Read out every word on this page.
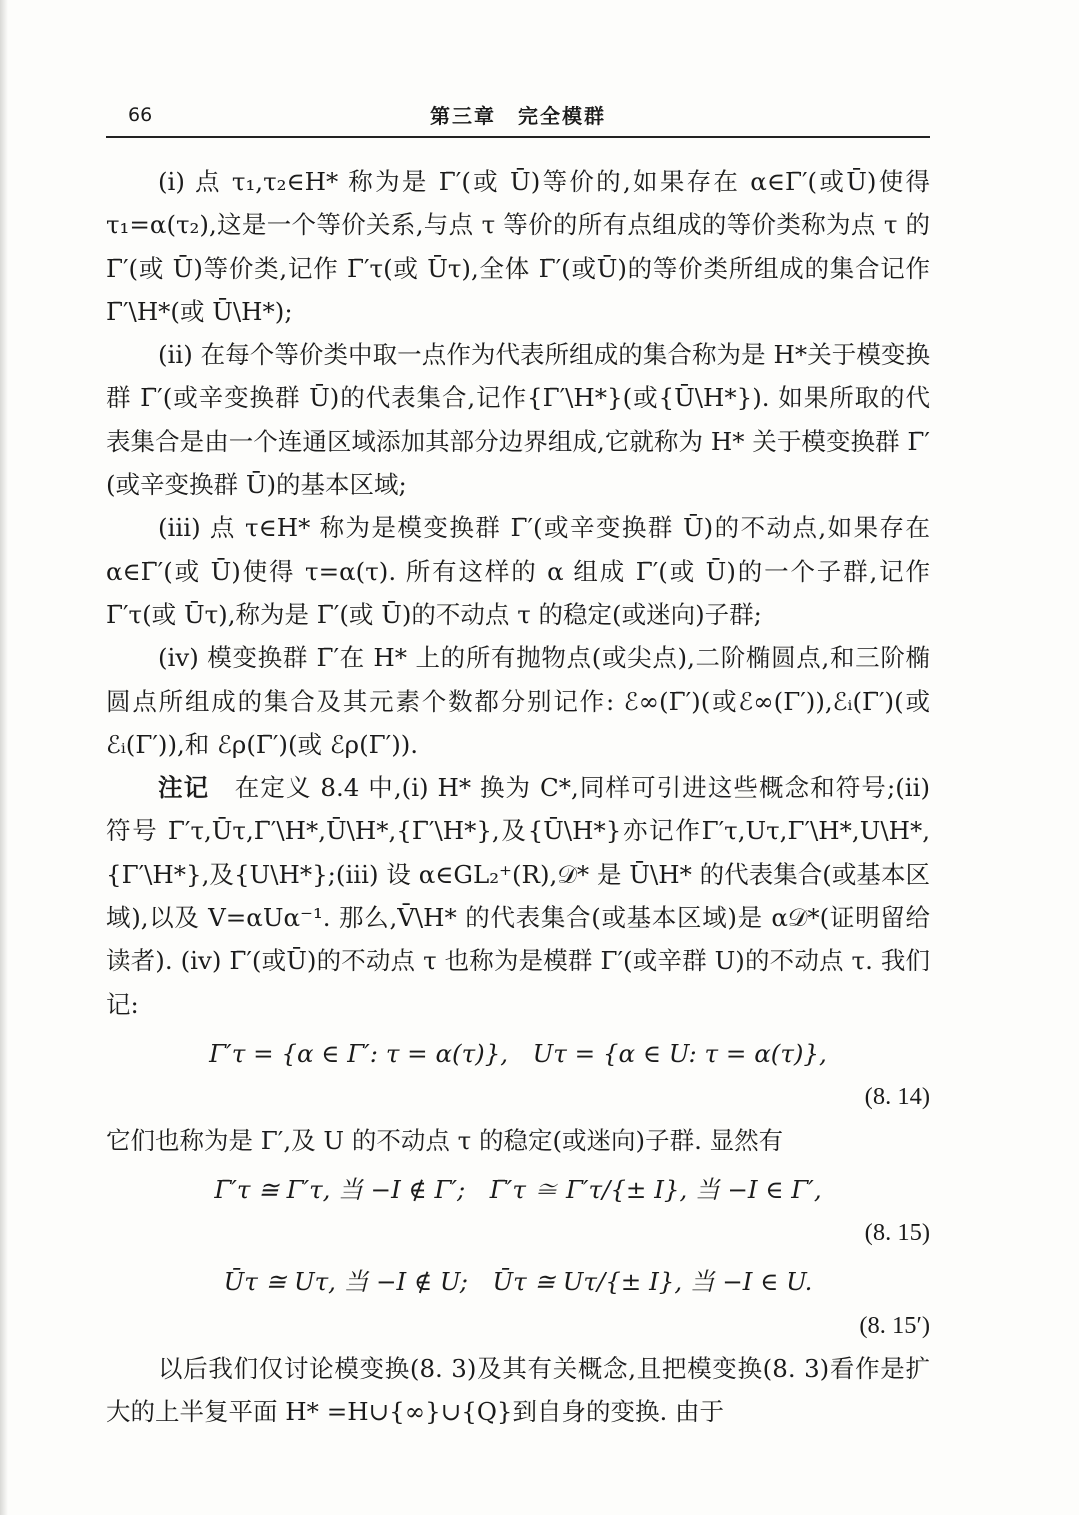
66	第三章　完全模群

(i) 点 τ₁,τ₂∈H* 称为是 Γ̄′(或 Ū)等价的,如果存在 α∈Γ̄′(或Ū)使得 τ₁=α(τ₂),这是一个等价关系,与点 τ 等价的所有点组成的等价类称为点 τ 的 Γ̄′(或 Ū)等价类,记作 Γ̄′τ(或 Ūτ),全体 Γ̄′(或Ū)的等价类所组成的集合记作 Γ̄′\H*(或 Ū\H*);

(ii) 在每个等价类中取一点作为代表所组成的集合称为是 H*关于模变换群 Γ̄′(或辛变换群 Ū)的代表集合,记作{Γ̄′\H*}(或{Ū\H*}). 如果所取的代表集合是由一个连通区域添加其部分边界组成,它就称为 H* 关于模变换群 Γ̄′(或辛变换群 Ū)的基本区域;

(iii) 点 τ∈H* 称为是模变换群 Γ̄′(或辛变换群 Ū)的不动点,如果存在 α∈Γ̄′(或 Ū)使得 τ=α(τ). 所有这样的 α 组成 Γ̄′(或 Ū)的一个子群,记作 Γ̄′τ(或 Ūτ),称为是 Γ̄′(或 Ū)的不动点 τ 的稳定(或迷向)子群;

(iv) 模变换群 Γ̄′在 H* 上的所有抛物点(或尖点),二阶椭圆点,和三阶椭圆点所组成的集合及其元素个数都分别记作: ℰ∞(Γ̄′)(或ℰ∞(Γ′)),ℰᵢ(Γ̄′)(或 ℰᵢ(Γ′)),和 ℰρ(Γ̄′)(或 ℰρ(Γ′)).

注记　 在定义 8.4 中,(i) H* 换为 C*,同样可引进这些概念和符号;(ii) 符号 Γ̄′τ,Ūτ,Γ̄′\H*,Ū\H*,{Γ̄′\H*},及{Ū\H*}亦记作Γ′τ,Uτ,Γ′\H*,U\H*,{Γ′\H*},及{U\H*};(iii) 设 α∈GL₂⁺(R),𝒟* 是 Ū\H* 的代表集合(或基本区域),以及 V=αUα⁻¹. 那么,V̄\H* 的代表集合(或基本区域)是 α𝒟*(证明留给读者). (iv) Γ̄′(或Ū)的不动点 τ 也称为是模群 Γ′(或辛群 U)的不动点 τ. 我们记:

Γ′τ = {α ∈ Γ′: τ = α(τ)},　Uτ = {α ∈ U: τ = α(τ)},

(8. 14)

它们也称为是 Γ′,及 U 的不动点 τ 的稳定(或迷向)子群. 显然有

Γ̄′τ ≅ Γ′τ, 当 −I ∉ Γ′;　Γ̄′τ ≅ Γ′τ/{± I}, 当 −I ∈ Γ′,

(8. 15)

Ūτ ≅ Uτ, 当 −I ∉ U;　Ūτ ≅ Uτ/{± I}, 当 −I ∈ U.

(8. 15′)

以后我们仅讨论模变换(8. 3)及其有关概念,且把模变换(8. 3)看作是扩大的上半复平面 H* =H∪{∞}∪{Q}到自身的变换. 由于
